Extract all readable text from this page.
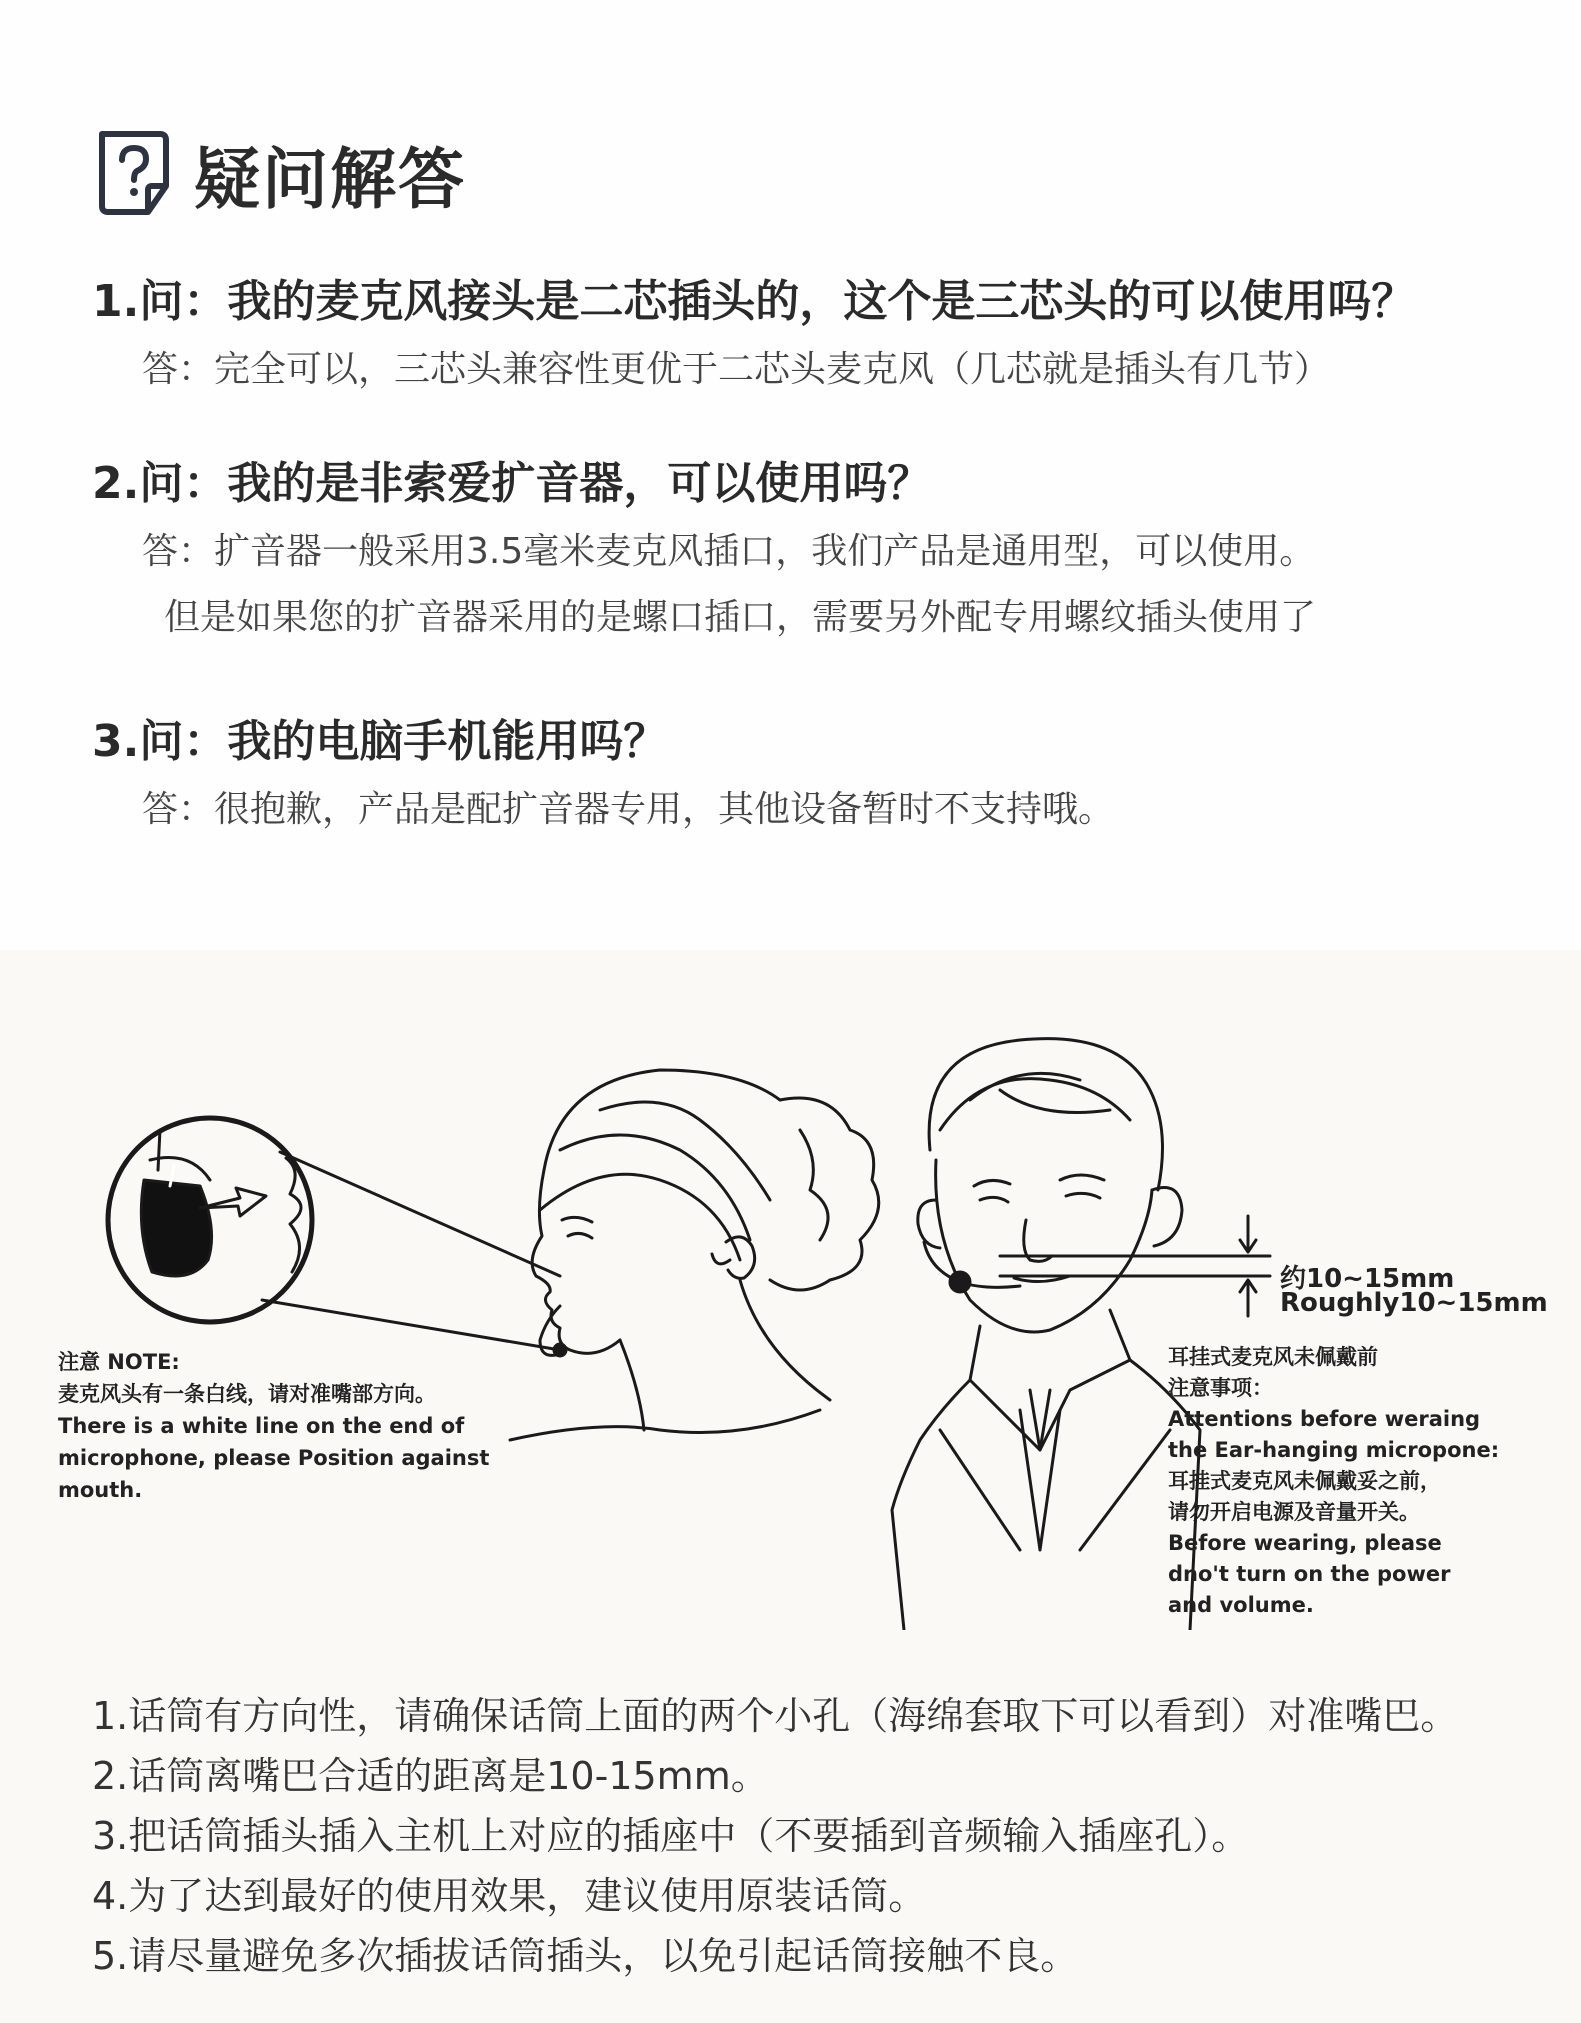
疑问解答
1.问：我的麦克风接头是二芯插头的，这个是三芯头的可以使用吗？
答：完全可以，三芯头兼容性更优于二芯头麦克风（几芯就是插头有几节）
2.问：我的是非索爱扩音器，可以使用吗？
答：扩音器一般采用3.5毫米麦克风插口，我们产品是通用型，可以使用。
但是如果您的扩音器采用的是螺口插口，需要另外配专用螺纹插头使用了
3.问：我的电脑手机能用吗？
答：很抱歉，产品是配扩音器专用，其他设备暂时不支持哦。
约10~15mm
Roughly10~15mm
注意 NOTE:
麦克风头有一条白线，请对准嘴部方向。
There is a white line on the end of
microphone, please Position against
mouth.
耳挂式麦克风未佩戴前
注意事项：
Attentions before weraing
the Ear-hanging micropone:
耳挂式麦克风未佩戴妥之前，
请勿开启电源及音量开关。
Before wearing, please
dno't turn on the power
and volume.
1.话筒有方向性，请确保话筒上面的两个小孔（海绵套取下可以看到）对准嘴巴。
2.话筒离嘴巴合适的距离是10-15mm。
3.把话筒插头插入主机上对应的插座中（不要插到音频输入插座孔）。
4.为了达到最好的使用效果，建议使用原装话筒。
5.请尽量避免多次插拔话筒插头，以免引起话筒接触不良。
